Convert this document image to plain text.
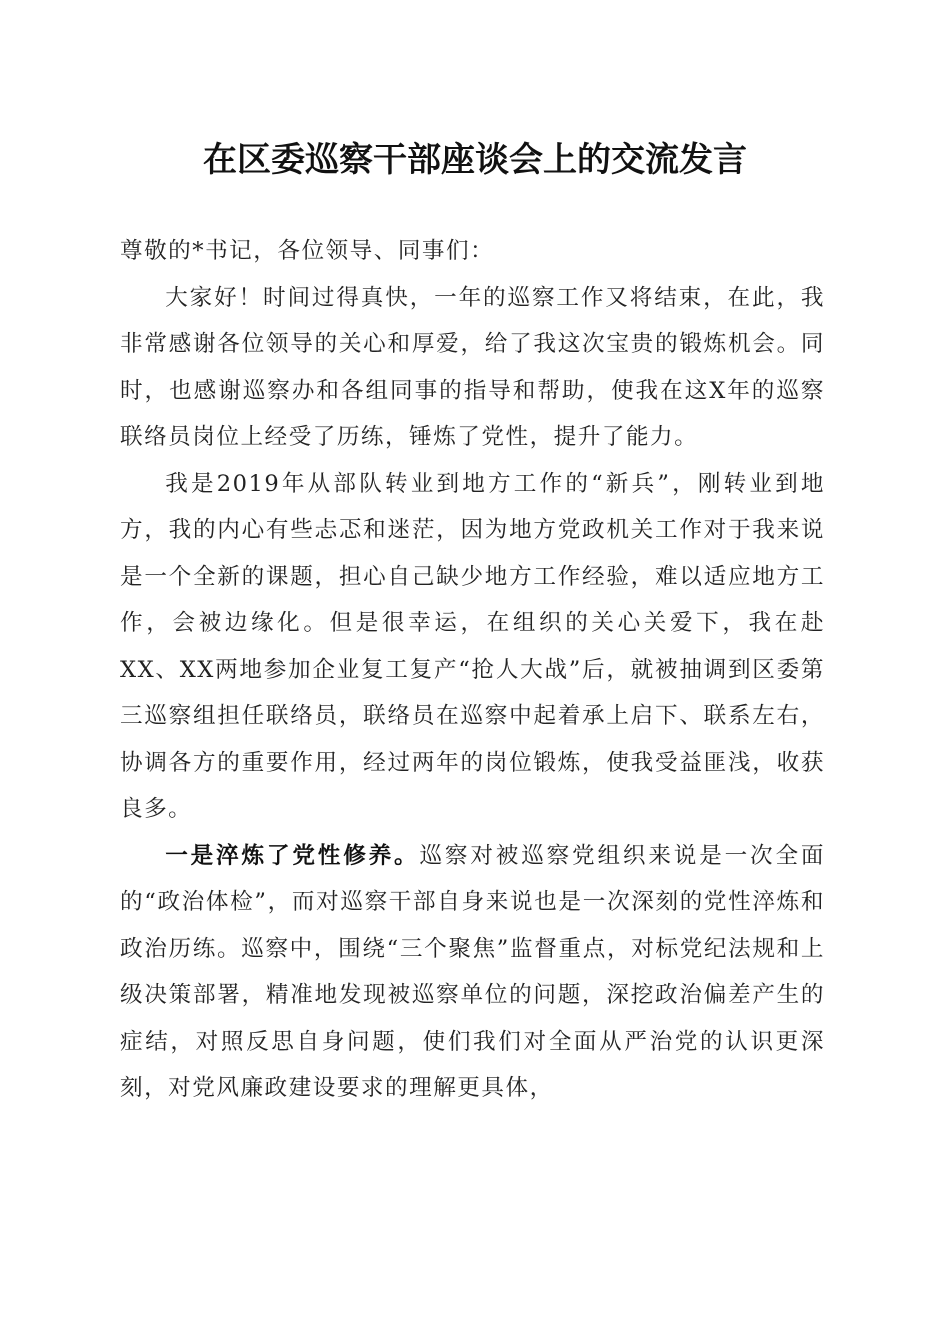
在区委巡察干部座谈会上的交流发言

尊敬的*书记，各位领导、同事们：

大家好！时间过得真快，一年的巡察工作又将结束，在此，我非常感谢各位领导的关心和厚爱，给了我这次宝贵的锻炼机会。同时，也感谢巡察办和各组同事的指导和帮助，使我在这X年的巡察联络员岗位上经受了历练，锤炼了党性，提升了能力。

我是2019年从部队转业到地方工作的“新兵”，刚转业到地方，我的内心有些忐忑和迷茫，因为地方党政机关工作对于我来说是一个全新的课题，担心自己缺少地方工作经验，难以适应地方工作，会被边缘化。但是很幸运，在组织的关心关爱下，我在赴XX、XX两地参加企业复工复产“抢人大战”后，就被抽调到区委第三巡察组担任联络员，联络员在巡察中起着承上启下、联系左右，协调各方的重要作用，经过两年的岗位锻炼，使我受益匪浅，收获良多。

一是淬炼了党性修养。巡察对被巡察党组织来说是一次全面的“政治体检”，而对巡察干部自身来说也是一次深刻的党性淬炼和政治历练。巡察中，围绕“三个聚焦”监督重点，对标党纪法规和上级决策部署，精准地发现被巡察单位的问题，深挖政治偏差产生的症结，对照反思自身问题，使们我们对全面从严治党的认识更深刻，对党风廉政建设要求的理解更具体，
